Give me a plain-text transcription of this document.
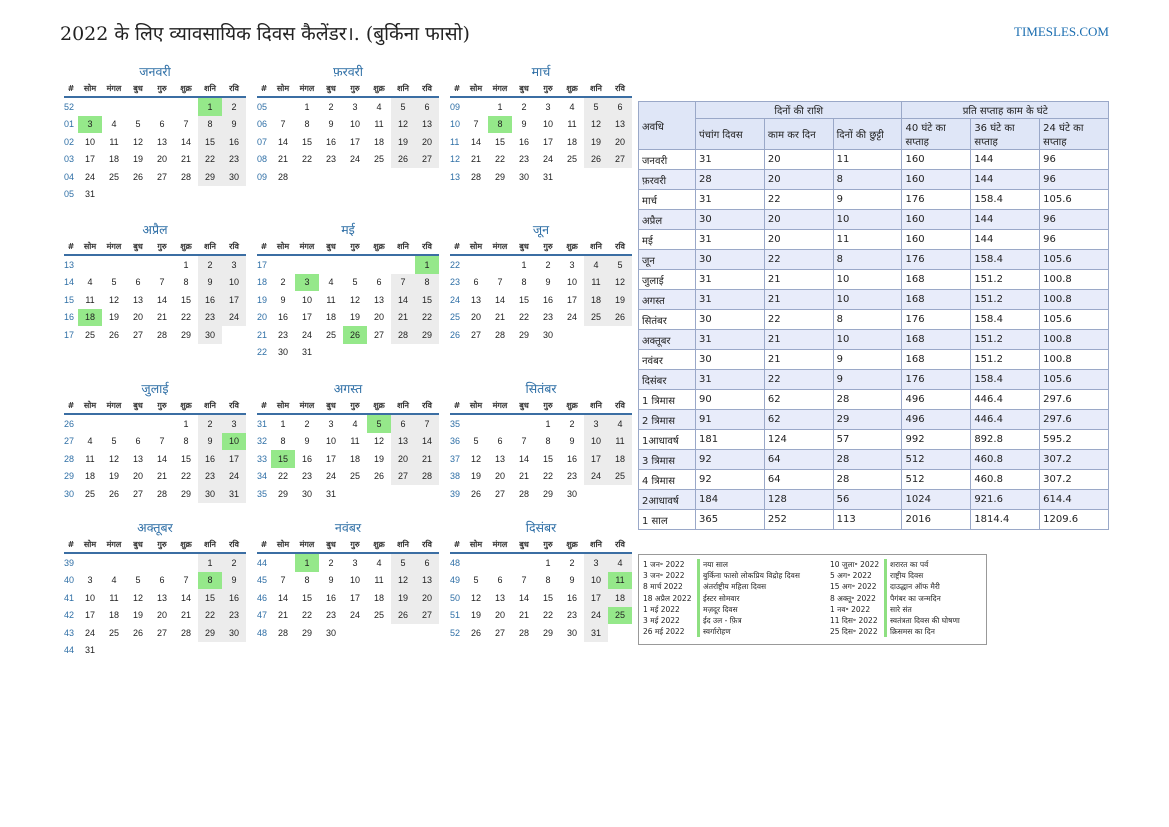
2022 के लिए व्यावसायिक दिवस कैलेंडर।. (बुर्किना फासो)	TIMESLES.COM
जनवरी
#	सोम	मंगल	बुध	गुरु	शुक्र	शनि	रवि
52						1	2
01	3	4	5	6	7	8	9
02	10	11	12	13	14	15	16
03	17	18	19	20	21	22	23
04	24	25	26	27	28	29	30
05	31						
फ़रवरी
#	सोम	मंगल	बुध	गुरु	शुक्र	शनि	रवि
05		1	2	3	4	5	6
06	7	8	9	10	11	12	13
07	14	15	16	17	18	19	20
08	21	22	23	24	25	26	27
09	28						
मार्च
#	सोम	मंगल	बुध	गुरु	शुक्र	शनि	रवि
09		1	2	3	4	5	6
10	7	8	9	10	11	12	13
11	14	15	16	17	18	19	20
12	21	22	23	24	25	26	27
13	28	29	30	31			
अप्रैल
#	सोम	मंगल	बुध	गुरु	शुक्र	शनि	रवि
13					1	2	3
14	4	5	6	7	8	9	10
15	11	12	13	14	15	16	17
16	18	19	20	21	22	23	24
17	25	26	27	28	29	30	
मई
#	सोम	मंगल	बुध	गुरु	शुक्र	शनि	रवि
17							1
18	2	3	4	5	6	7	8
19	9	10	11	12	13	14	15
20	16	17	18	19	20	21	22
21	23	24	25	26	27	28	29
22	30	31					
जून
#	सोम	मंगल	बुध	गुरु	शुक्र	शनि	रवि
22			1	2	3	4	5
23	6	7	8	9	10	11	12
24	13	14	15	16	17	18	19
25	20	21	22	23	24	25	26
26	27	28	29	30			
जुलाई
#	सोम	मंगल	बुध	गुरु	शुक्र	शनि	रवि
26					1	2	3
27	4	5	6	7	8	9	10
28	11	12	13	14	15	16	17
29	18	19	20	21	22	23	24
30	25	26	27	28	29	30	31
अगस्त
#	सोम	मंगल	बुध	गुरु	शुक्र	शनि	रवि
31	1	2	3	4	5	6	7
32	8	9	10	11	12	13	14
33	15	16	17	18	19	20	21
34	22	23	24	25	26	27	28
35	29	30	31				
सितंबर
#	सोम	मंगल	बुध	गुरु	शुक्र	शनि	रवि
35				1	2	3	4
36	5	6	7	8	9	10	11
37	12	13	14	15	16	17	18
38	19	20	21	22	23	24	25
39	26	27	28	29	30		
अक्तूबर
#	सोम	मंगल	बुध	गुरु	शुक्र	शनि	रवि
39						1	2
40	3	4	5	6	7	8	9
41	10	11	12	13	14	15	16
42	17	18	19	20	21	22	23
43	24	25	26	27	28	29	30
44	31						
नवंबर
#	सोम	मंगल	बुध	गुरु	शुक्र	शनि	रवि
44		1	2	3	4	5	6
45	7	8	9	10	11	12	13
46	14	15	16	17	18	19	20
47	21	22	23	24	25	26	27
48	28	29	30				
दिसंबर
#	सोम	मंगल	बुध	गुरु	शुक्र	शनि	रवि
48				1	2	3	4
49	5	6	7	8	9	10	11
50	12	13	14	15	16	17	18
51	19	20	21	22	23	24	25
52	26	27	28	29	30	31	
अवधि	दिनों की राशि			प्रति सप्ताह काम के घंटे		
	पंचांग दिवस	काम कर दिन	दिनों की छुट्टी	40 घंटे का सप्ताह	36 घंटे का सप्ताह	24 घंटे का सप्ताह
जनवरी	31	20	11	160	144	96
फ़रवरी	28	20	8	160	144	96
मार्च	31	22	9	176	158.4	105.6
अप्रैल	30	20	10	160	144	96
मई	31	20	11	160	144	96
जून	30	22	8	176	158.4	105.6
जुलाई	31	21	10	168	151.2	100.8
अगस्त	31	21	10	168	151.2	100.8
सितंबर	30	22	8	176	158.4	105.6
अक्तूबर	31	21	10	168	151.2	100.8
नवंबर	30	21	9	168	151.2	100.8
दिसंबर	31	22	9	176	158.4	105.6
1 त्रिमास	90	62	28	496	446.4	297.6
2 त्रिमास	91	62	29	496	446.4	297.6
1आधावर्ष	181	124	57	992	892.8	595.2
3 त्रिमास	92	64	28	512	460.8	307.2
4 त्रिमास	92	64	28	512	460.8	307.2
2आधावर्ष	184	128	56	1024	921.6	614.4
1 साल	365	252	113	2016	1814.4	1209.6
1 जन॰ 2022	नया साल
3 जन॰ 2022	बुर्किना फासो लोकप्रिय विद्रोह दिवस
8 मार्च 2022	अंतर्राष्ट्रीय महिला दिवस
18 अप्रैल 2022	ईस्टर सोमवार
1 मई 2022	मज़दूर दिवस
3 मई 2022	ईद उल - फ़ित्र
26 मई 2022	स्वर्गारोहण
10 जुला॰ 2022	शरारत का पर्व
5 अग॰ 2022	राष्ट्रीय दिवस
15 अग॰ 2022	दाउद्धान ऑफ मैरी
8 अक्तू॰ 2022	पैगंबर का जन्मदिन
1 नव॰ 2022	सारे संत
11 दिस॰ 2022	स्वतंत्रता दिवस की घोषणा
25 दिस॰ 2022	क्रिसमस का दिन
